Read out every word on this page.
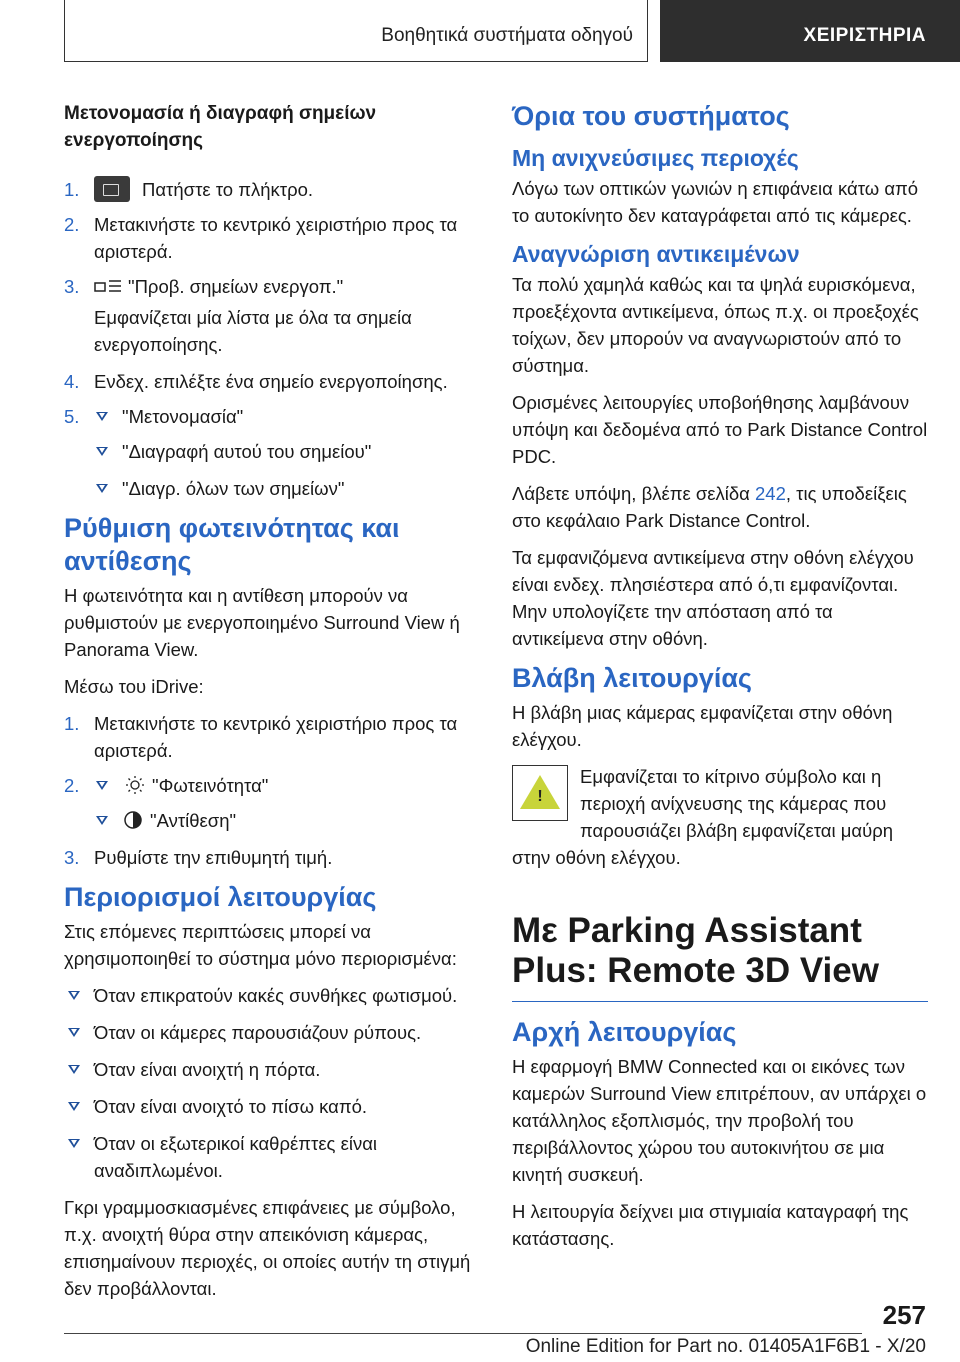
Βοηθητικά συστήματα οδηγού	ΧΕΙΡΙΣΤΗΡΙΑ
Μετονομασία ή διαγραφή σημείων ενεργοποίησης
1.	Πατήστε το πλήκτρο.
2. Μετακινήστε το κεντρικό χειριστήριο προς τα αριστερά.
3.	"Προβ. σημείων ενεργοπ."

Εμφανίζεται μία λίστα με όλα τα σημεία ενεργοποίησης.

4. Ενδεχ. επιλέξτε ένα σημείο ενεργοποίησης.
5. "Μετονομασία"
"Διαγραφή αυτού του σημείου"
"Διαγρ. όλων των σημείων"
Ρύθμιση φωτεινότητας και αντίθεσης

Η φωτεινότητα και η αντίθεση μπορούν να ρυθμιστούν με ενεργοποιημένο Surround View ή Panorama View.

Μέσω του iDrive:

1. Μετακινήστε το κεντρικό χειριστήριο προς τα αριστερά.
2.	"Φωτεινότητα"
"Αντίθεση"
3. Ρυθμίστε την επιθυμητή τιμή.
Περιορισμοί λειτουργίας

Στις επόμενες περιπτώσεις μπορεί να χρησιμοποιηθεί το σύστημα μόνο περιορισμένα:

Όταν επικρατούν κακές συνθήκες φωτισμού.
Όταν οι κάμερες παρουσιάζουν ρύπους.
Όταν είναι ανοιχτή η πόρτα.
Όταν είναι ανοιχτό το πίσω καπό.
Όταν οι εξωτερικοί καθρέπτες είναι αναδιπλωμένοι.

Γκρι γραμμοσκιασμένες επιφάνειες με σύμβολο, π.χ. ανοιχτή θύρα στην απεικόνιση κάμερας, επισημαίνουν περιοχές, οι οποίες αυτήν τη στιγμή δεν προβάλλονται.

Όρια του συστήματος
Μη ανιχνεύσιμες περιοχές

Λόγω των οπτικών γωνιών η επιφάνεια κάτω από το αυτοκίνητο δεν καταγράφεται από τις κάμερες.

Αναγνώριση αντικειμένων

Τα πολύ χαμηλά καθώς και τα ψηλά ευρισκόμενα, προεξέχοντα αντικείμενα, όπως π.χ. οι προεξοχές τοίχων, δεν μπορούν να αναγνωριστούν από το σύστημα.

Ορισμένες λειτουργίες υποβοήθησης λαμβάνουν υπόψη και δεδομένα από το Park Distance Control PDC.

Λάβετε υπόψη, βλέπε σελίδα 242, τις υποδείξεις στο κεφάλαιο Park Distance Control.

Τα εμφανιζόμενα αντικείμενα στην οθόνη ελέγχου είναι ενδεχ. πλησιέστερα από ό,τι εμφανίζονται. Μην υπολογίζετε την απόσταση από τα αντικείμενα στην οθόνη.

Βλάβη λειτουργίας

Η βλάβη μιας κάμερας εμφανίζεται στην οθόνη ελέγχου.

!

Εμφανίζεται το κίτρινο σύμβολο και η περιοχή ανίχνευσης της κάμερας που παρουσιάζει βλάβη εμφανίζεται μαύρη στην οθόνη ελέγχου.

Με Parking Assistant Plus: Remote 3D View
Αρχή λειτουργίας

Η εφαρμογή BMW Connected και οι εικόνες των καμερών Surround View επιτρέπουν, αν υπάρχει ο κατάλληλος εξοπλισμός, την προβολή του περιβάλλοντος χώρου του αυτοκινήτου σε μια κινητή συσκευή.

Η λειτουργία δείχνει μια στιγμιαία καταγραφή της κατάστασης.

257
Online Edition for Part no. 01405A1F6B1 - X/20
